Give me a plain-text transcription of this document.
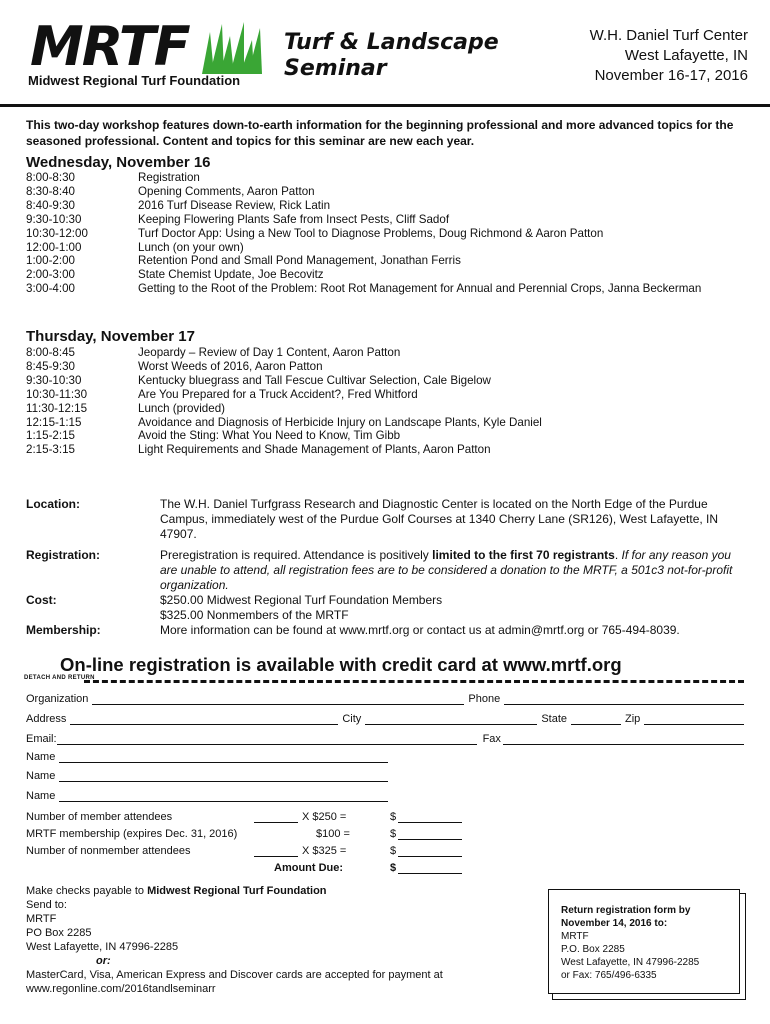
MRTF
Midwest Regional Turf Foundation
Turf & Landscape
Seminar
W.H. Daniel Turf Center
West Lafayette, IN
November 16-17, 2016
This two-day workshop features down-to-earth information for the beginning professional and more advanced topics for the seasoned professional. Content and topics for this seminar are new each year.
Wednesday, November 16
8:00-8:30	Registration
8:30-8:40	Opening Comments, Aaron Patton
8:40-9:30	2016 Turf Disease Review, Rick Latin
9:30-10:30	Keeping Flowering Plants Safe from Insect Pests, Cliff Sadof
10:30-12:00	Turf Doctor App: Using a New Tool to Diagnose Problems, Doug Richmond & Aaron Patton
12:00-1:00	Lunch (on your own)
1:00-2:00	Retention Pond and Small Pond Management, Jonathan Ferris
2:00-3:00	State Chemist Update, Joe Becovitz
3:00-4:00	Getting to the Root of the Problem: Root Rot Management for Annual and Perennial Crops, Janna Beckerman
Thursday, November 17
8:00-8:45	Jeopardy – Review of Day 1 Content, Aaron Patton
8:45-9:30	Worst Weeds of 2016, Aaron Patton
9:30-10:30	Kentucky bluegrass and Tall Fescue Cultivar Selection, Cale Bigelow
10:30-11:30	Are You Prepared for a Truck Accident?, Fred Whitford
11:30-12:15	Lunch (provided)
12:15-1:15	Avoidance and Diagnosis of Herbicide Injury on Landscape Plants, Kyle Daniel
1:15-2:15	Avoid the Sting: What You Need to Know, Tim Gibb
2:15-3:15	Light Requirements and Shade Management of Plants, Aaron Patton
Location:	The W.H. Daniel Turfgrass Research and Diagnostic Center is located on the North Edge of the Purdue Campus, immediately west of the Purdue Golf Courses at 1340 Cherry Lane (SR126), West Lafayette, IN 47907.
Registration:	Preregistration is required. Attendance is positively limited to the first 70 registrants. If for any reason you are unable to attend, all registration fees are to be considered a donation to the MRTF, a 501c3 not-for-profit organization.
Cost:	$250.00 Midwest Regional Turf Foundation Members
$325.00 Nonmembers of the MRTF
Membership:	More information can be found at www.mrtf.org or contact us at admin@mrtf.org or 765-494-8039.
On-line registration is available with credit card at www.mrtf.org
DETACH AND RETURN
Organization	Phone
Address	City	State	Zip
Email:	Fax
Name
Name
Name
Number of member attendees	X $250 =	$
MRTF membership (expires Dec. 31, 2016)	$100 =	$
Number of nonmember attendees	X $325 =	$
Amount Due:	$
Make checks payable to Midwest Regional Turf Foundation
Send to:
MRTF
PO Box 2285
West Lafayette, IN 47996-2285
or:
MasterCard, Visa, American Express and Discover cards are accepted for payment at www.regonline.com/2016tandlseminarr
Return registration form by November 14, 2016 to:
MRTF
P.O. Box 2285
West Lafayette, IN 47996-2285
or Fax: 765/496-6335
